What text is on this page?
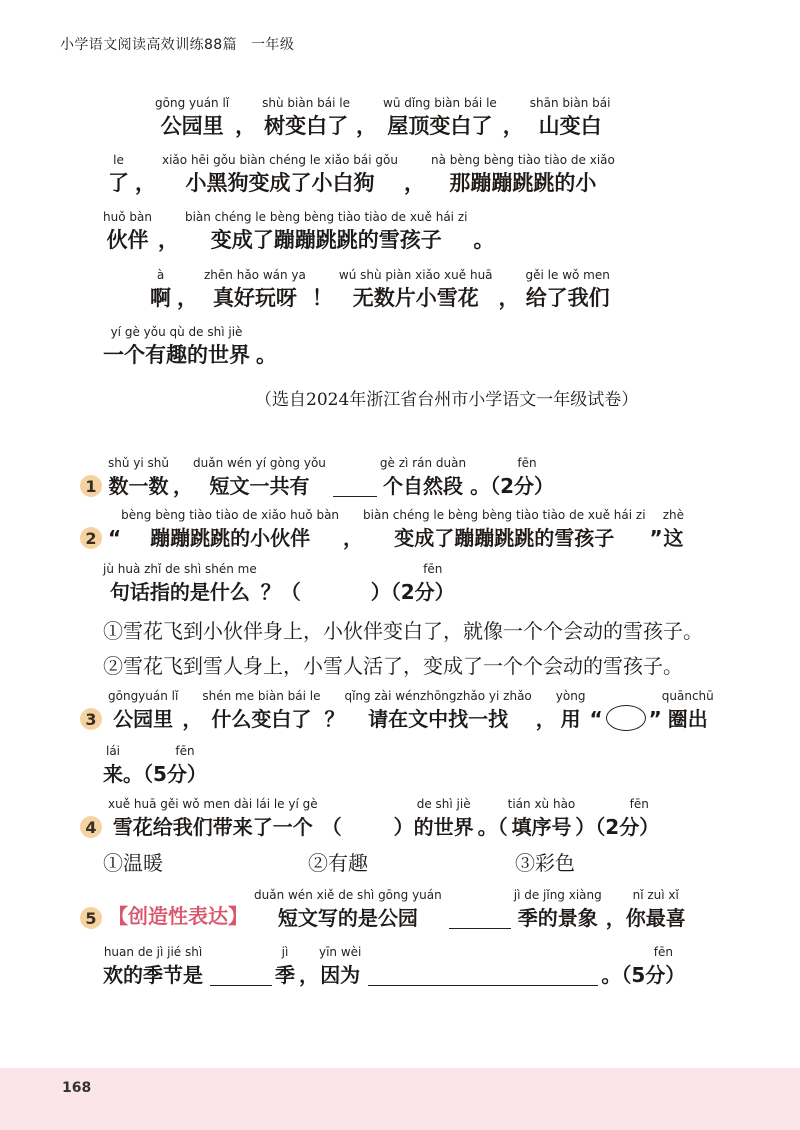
小学语文阅读高效训练88篇 一年级
gōng yuán lǐ
公园里 ，
shù biàn bái le
树变白了 ，
wū dǐng biàn bái le
屋顶变白了 ，
shān biàn bái
山变白
le
了 ，
xiǎo hēi gǒu biàn chéng le xiǎo bái gǒu
小黑狗变成了小白狗 ，
nà bèng bèng tiào tiào de xiǎo
那蹦蹦跳跳的小
huǒ bàn
伙伴 ，
biàn chéng le bèng bèng tiào tiào de xuě hái zi
变成了蹦蹦跳跳的雪孩子 。
à
啊 ，
zhēn hǎo wán ya
真好玩呀 ！
wú shù piàn xiǎo xuě huā
无数片小雪花 ，
gěi le wǒ men
给了我们
yí gè yǒu qù de shì jiè
一个有趣的世界 。
（选自2024年浙江省台州市小学语文一年级试卷）
1
shǔ yi shǔ
数一数 ，
duǎn wén yí gòng yǒu
短文一共有
gè zì rán duàn
个自然段
fēn
。（2分）
2 “
bèng bèng tiào tiào de xiǎo huǒ bàn
蹦蹦跳跳的小伙伴 ，
biàn chéng le bèng bèng tiào tiào de xuě hái zi
变成了蹦蹦跳跳的雪孩子 ”
zhè
这
jù huà zhǐ de shì shén me
句话指的是什么 ？（
fēn
）（2分）
①雪花飞到小伙伴身上，小伙伴变白了，就像一个个会动的雪孩子。
②雪花飞到雪人身上，小雪人活了，变成了一个个会动的雪孩子。
3
gōngyuán lǐ
公园里 ，
shén me biàn bái le
什么变白了 ？
qǐng zài wénzhōngzhǎo yi zhǎo
请在文中找一找 ，
yòng
用 “ ”
quānchū
圈出
lái
来
fēn
。（5分）
4
xuě huā gěi wǒ men dài lái le yí gè
雪花给我们带来了一个 （	）
de shì jiè
的世界 。（
tián xù hào
填序号
fēn
）（2分）
①温暖	②有趣	③彩色
5 【创造性表达】
duǎn wén xiě de shì gōng yuán
短文写的是公园
jì de jǐng xiàng
季的景象 ，
nǐ zuì xǐ
你最喜
huan de jì jié shì
欢的季节是
jì
季 ，
yīn wèi
因为
fēn
。（5分）
168
